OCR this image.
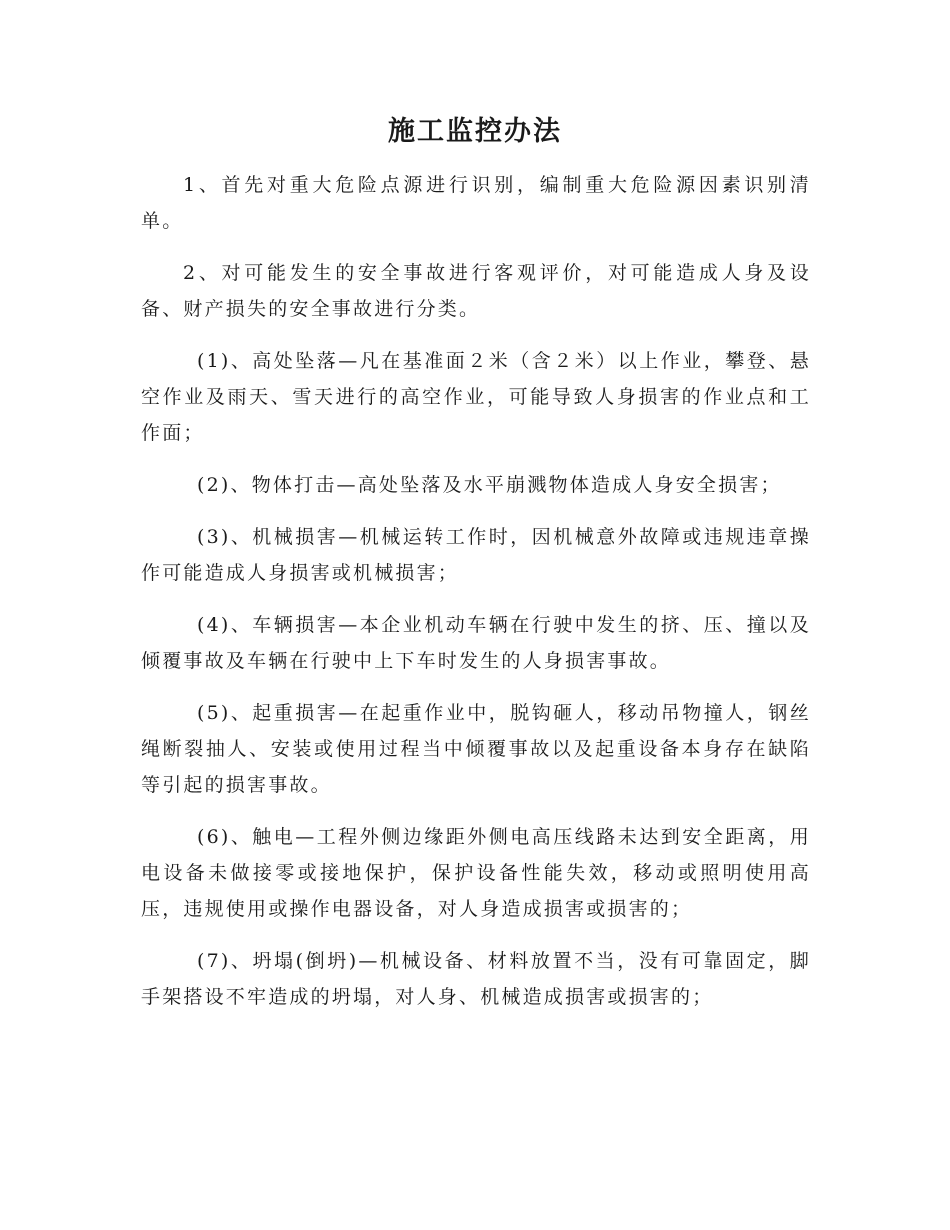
施工监控办法

1、首先对重大危险点源进行识别，编制重大危险源因素识别清单。

2、对可能发生的安全事故进行客观评价，对可能造成人身及设备、财产损失的安全事故进行分类。

(1)、高处坠落—凡在基准面２米（含２米）以上作业，攀登、悬空作业及雨天、雪天进行的高空作业，可能导致人身损害的作业点和工作面；

(2)、物体打击—高处坠落及水平崩溅物体造成人身安全损害；

(3)、机械损害—机械运转工作时，因机械意外故障或违规违章操作可能造成人身损害或机械损害；

(4)、车辆损害—本企业机动车辆在行驶中发生的挤、压、撞以及倾覆事故及车辆在行驶中上下车时发生的人身损害事故。

(5)、起重损害—在起重作业中，脱钩砸人，移动吊物撞人，钢丝绳断裂抽人、安装或使用过程当中倾覆事故以及起重设备本身存在缺陷等引起的损害事故。

(6)、触电—工程外侧边缘距外侧电高压线路未达到安全距离，用电设备未做接零或接地保护，保护设备性能失效，移动或照明使用高压，违规使用或操作电器设备，对人身造成损害或损害的；

(7)、坍塌(倒坍)—机械设备、材料放置不当，没有可靠固定，脚手架搭设不牢造成的坍塌，对人身、机械造成损害或损害的；
